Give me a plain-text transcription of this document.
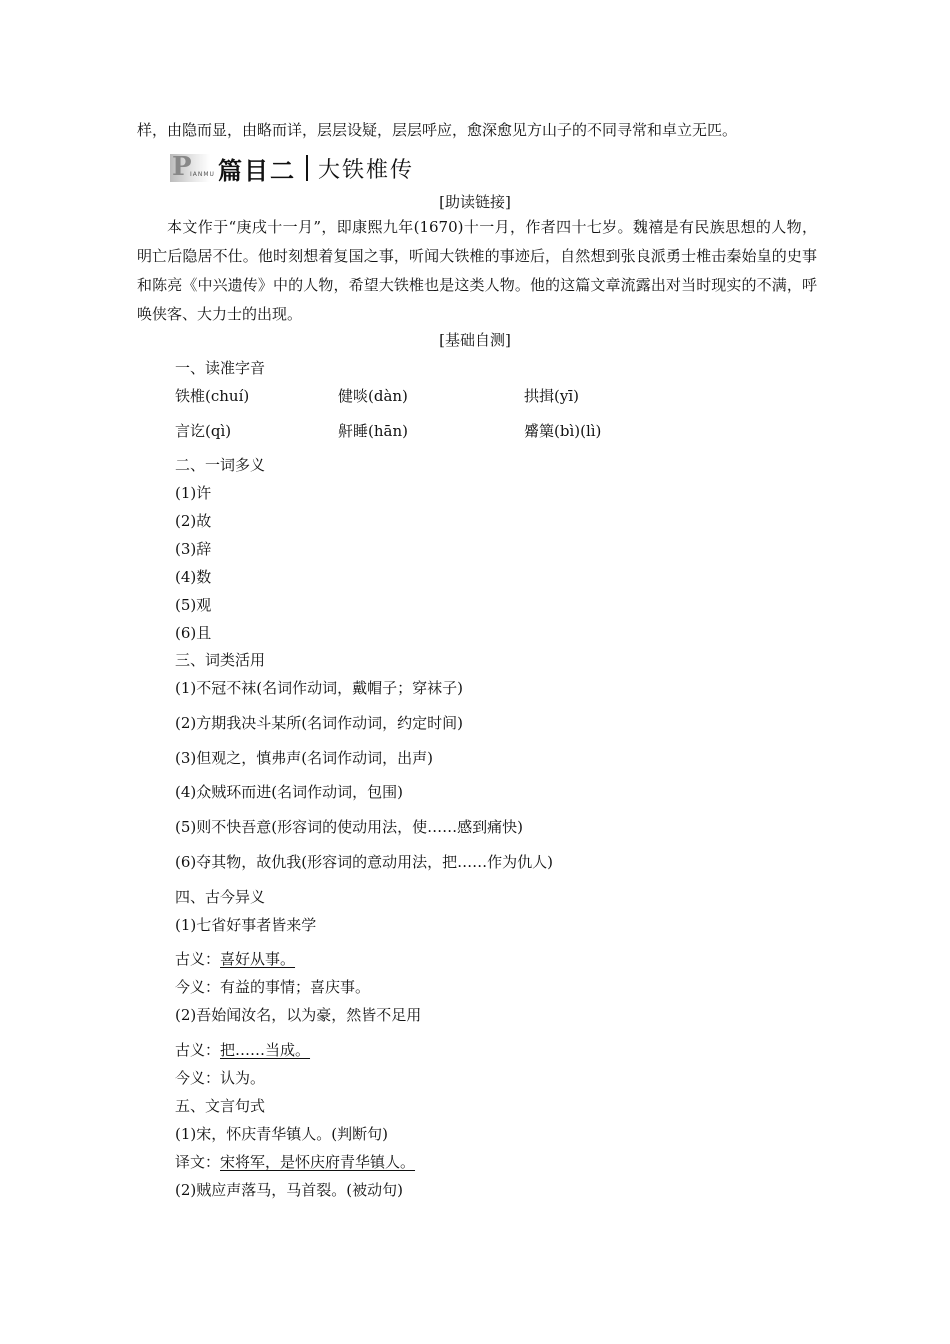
样，由隐而显，由略而详，层层设疑，层层呼应，愈深愈见方山子的不同寻常和卓立无匹。
P
IANMU 篇目二 大铁椎传
[助读链接]
本文作于“庚戌十一月”，即康熙九年(1670)十一月，作者四十七岁。魏禧是有民族思想的人物，明亡后隐居不仕。他时刻想着复国之事，听闻大铁椎的事迹后，自然想到张良派勇士椎击秦始皇的史事和陈亮《中兴遗传》中的人物，希望大铁椎也是这类人物。他的这篇文章流露出对当时现实的不满，呼唤侠客、大力士的出现。
[基础自测]
一、读准字音
铁椎(chuí)	健啖(dàn)	拱揖(yī)
言讫(qì)	鼾睡(hān)	觱篥(bì)(lì)
二、一词多义
(1)许
(2)故
(3)辞
(4)数
(5)观
(6)且
三、词类活用
(1)不冠不袜(名词作动词，戴帽子；穿袜子)
(2)方期我决斗某所(名词作动词，约定时间)
(3)但观之，慎弗声(名词作动词，出声)
(4)众贼环而进(名词作动词，包围)
(5)则不快吾意(形容词的使动用法，使……感到痛快)
(6)夺其物，故仇我(形容词的意动用法，把……作为仇人)
四、古今异义
(1)七省好事者皆来学
古义：喜好从事。
今义：有益的事情；喜庆事。
(2)吾始闻汝名，以为豪，然皆不足用
古义：把……当成。
今义：认为。
五、文言句式
(1)宋，怀庆青华镇人。(判断句)
译文：宋将军，是怀庆府青华镇人。
(2)贼应声落马，马首裂。(被动句)
